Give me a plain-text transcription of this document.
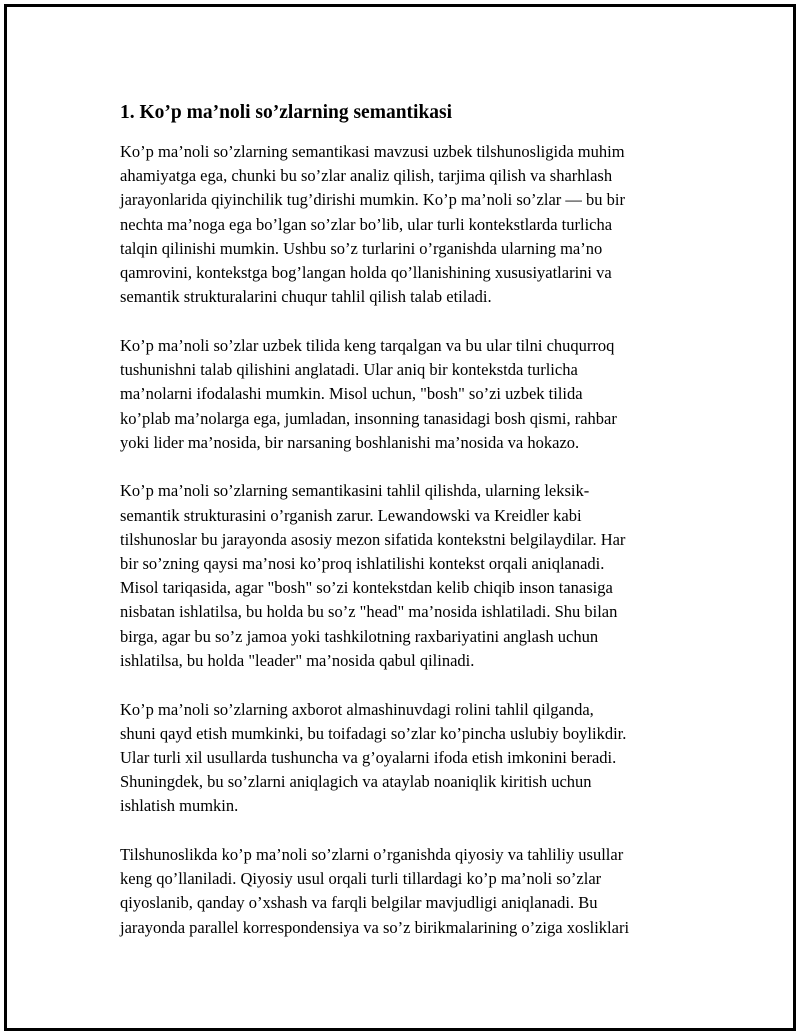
1. Ko’p ma’noli so’zlarning semantikasi
Ko’p ma’noli so’zlarning semantikasi mavzusi uzbek tilshunosligida muhim
ahamiyatga ega, chunki bu so’zlar analiz qilish, tarjima qilish va sharhlash
jarayonlarida qiyinchilik tug’dirishi mumkin. Ko’p ma’noli so’zlar — bu bir
nechta ma’noga ega bo’lgan so’zlar bo’lib, ular turli kontekstlarda turlicha
talqin qilinishi mumkin. Ushbu so’z turlarini o’rganishda ularning ma’no
qamrovini, kontekstga bog’langan holda qo’llanishining xususiyatlarini va
semantik strukturalarini chuqur tahlil qilish talab etiladi.
Ko’p ma’noli so’zlar uzbek tilida keng tarqalgan va bu ular tilni chuqurroq
tushunishni talab qilishini anglatadi. Ular aniq bir kontekstda turlicha
ma’nolarni ifodalashi mumkin. Misol uchun, "bosh" so’zi uzbek tilida
ko’plab ma’nolarga ega, jumladan, insonning tanasidagi bosh qismi, rahbar
yoki lider ma’nosida, bir narsaning boshlanishi ma’nosida va hokazo.
Ko’p ma’noli so’zlarning semantikasini tahlil qilishda, ularning leksik-
semantik strukturasini o’rganish zarur. Lewandowski va Kreidler kabi
tilshunoslar bu jarayonda asosiy mezon sifatida kontekstni belgilaydilar. Har
bir so’zning qaysi ma’nosi ko’proq ishlatilishi kontekst orqali aniqlanadi.
Misol tariqasida, agar "bosh" so’zi kontekstdan kelib chiqib inson tanasiga
nisbatan ishlatilsa, bu holda bu so’z "head" ma’nosida ishlatiladi. Shu bilan
birga, agar bu so’z jamoa yoki tashkilotning raxbariyatini anglash uchun
ishlatilsa, bu holda "leader" ma’nosida qabul qilinadi.
Ko’p ma’noli so’zlarning axborot almashinuvdagi rolini tahlil qilganda,
shuni qayd etish mumkinki, bu toifadagi so’zlar ko’pincha uslubiy boylikdir.
Ular turli xil usullarda tushuncha va g’oyalarni ifoda etish imkonini beradi.
Shuningdek, bu so’zlarni aniqlagich va ataylab noaniqlik kiritish uchun
ishlatish mumkin.
Tilshunoslikda ko’p ma’noli so’zlarni o’rganishda qiyosiy va tahliliy usullar
keng qo’llaniladi. Qiyosiy usul orqali turli tillardagi ko’p ma’noli so’zlar
qiyoslanib, qanday o’xshash va farqli belgilar mavjudligi aniqlanadi. Bu
jarayonda parallel korrespondensiya va so’z birikmalarining o’ziga xosliklari
